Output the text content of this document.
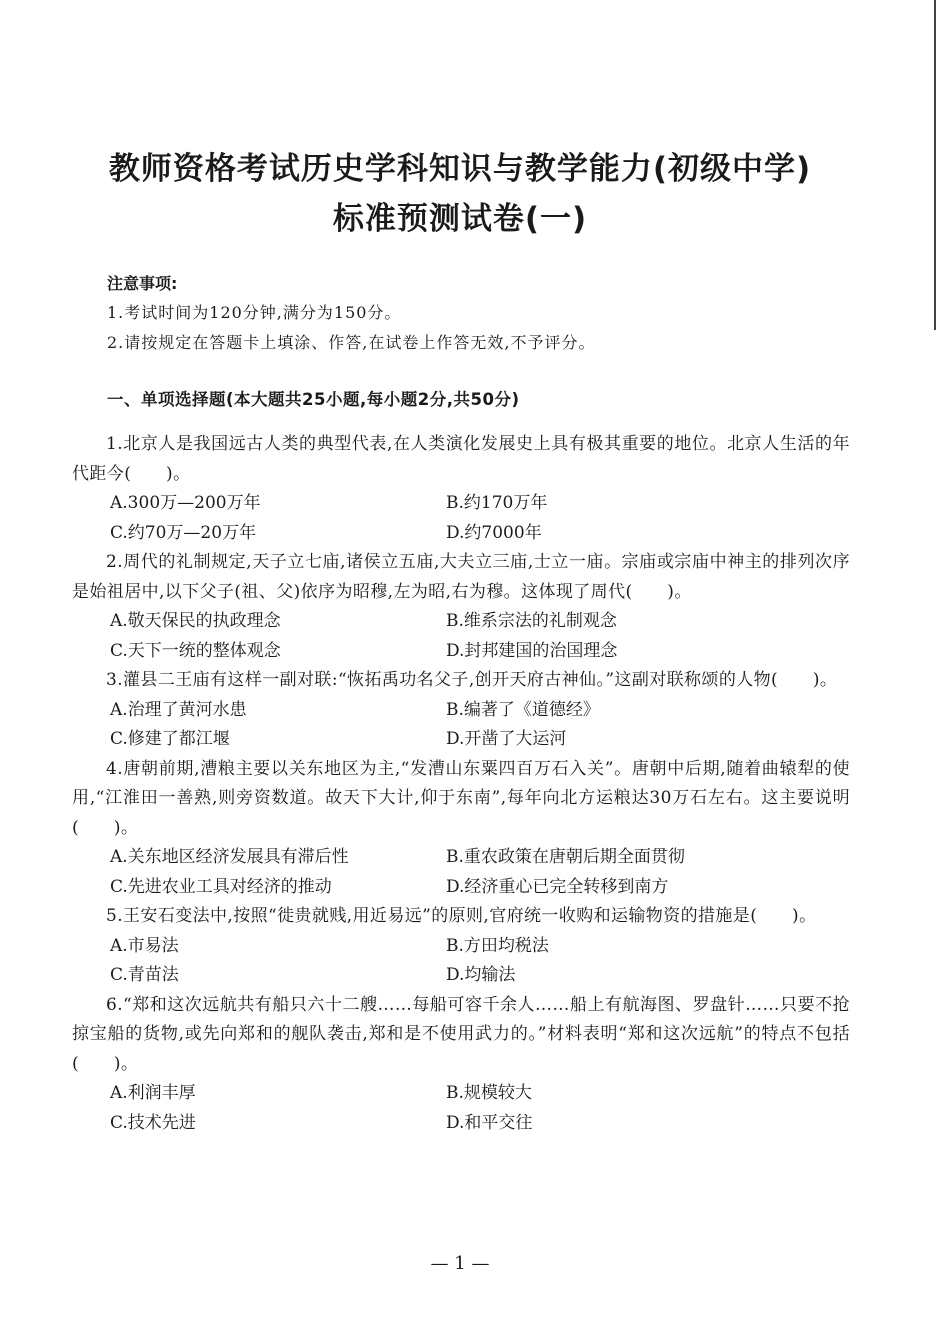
教师资格考试历史学科知识与教学能力(初级中学)
标准预测试卷(一)
注意事项:
1.考试时间为120分钟,满分为150分。
2.请按规定在答题卡上填涂、作答,在试卷上作答无效,不予评分。
一、单项选择题(本大题共25小题,每小题2分,共50分)
1.北京人是我国远古人类的典型代表,在人类演化发展史上具有极其重要的地位。北京人生活的年代距今(　　)。
A.300万—200万年	B.约170万年
C.约70万—20万年	D.约7000年
2.周代的礼制规定,天子立七庙,诸侯立五庙,大夫立三庙,士立一庙。宗庙或宗庙中神主的排列次序是始祖居中,以下父子(祖、父)依序为昭穆,左为昭,右为穆。这体现了周代(　　)。
A.敬天保民的执政理念	B.维系宗法的礼制观念
C.天下一统的整体观念	D.封邦建国的治国理念
3.灌县二王庙有这样一副对联:“恢拓禹功名父子,创开天府古神仙。”这副对联称颂的人物(　　)。
A.治理了黄河水患	B.编著了《道德经》
C.修建了都江堰	D.开凿了大运河
4.唐朝前期,漕粮主要以关东地区为主,“发漕山东粟四百万石入关”。唐朝中后期,随着曲辕犁的使用,“江淮田一善熟,则旁资数道。故天下大计,仰于东南”,每年向北方运粮达30万石左右。这主要说明(　　)。
A.关东地区经济发展具有滞后性	B.重农政策在唐朝后期全面贯彻
C.先进农业工具对经济的推动	D.经济重心已完全转移到南方
5.王安石变法中,按照“徙贵就贱,用近易远”的原则,官府统一收购和运输物资的措施是(　　)。
A.市易法	B.方田均税法
C.青苗法	D.均输法
6.“郑和这次远航共有船只六十二艘……每船可容千余人……船上有航海图、罗盘针……只要不抢掠宝船的货物,或先向郑和的舰队袭击,郑和是不使用武力的。”材料表明“郑和这次远航”的特点不包括(　　)。
A.利润丰厚	B.规模较大
C.技术先进	D.和平交往
— 1 —
